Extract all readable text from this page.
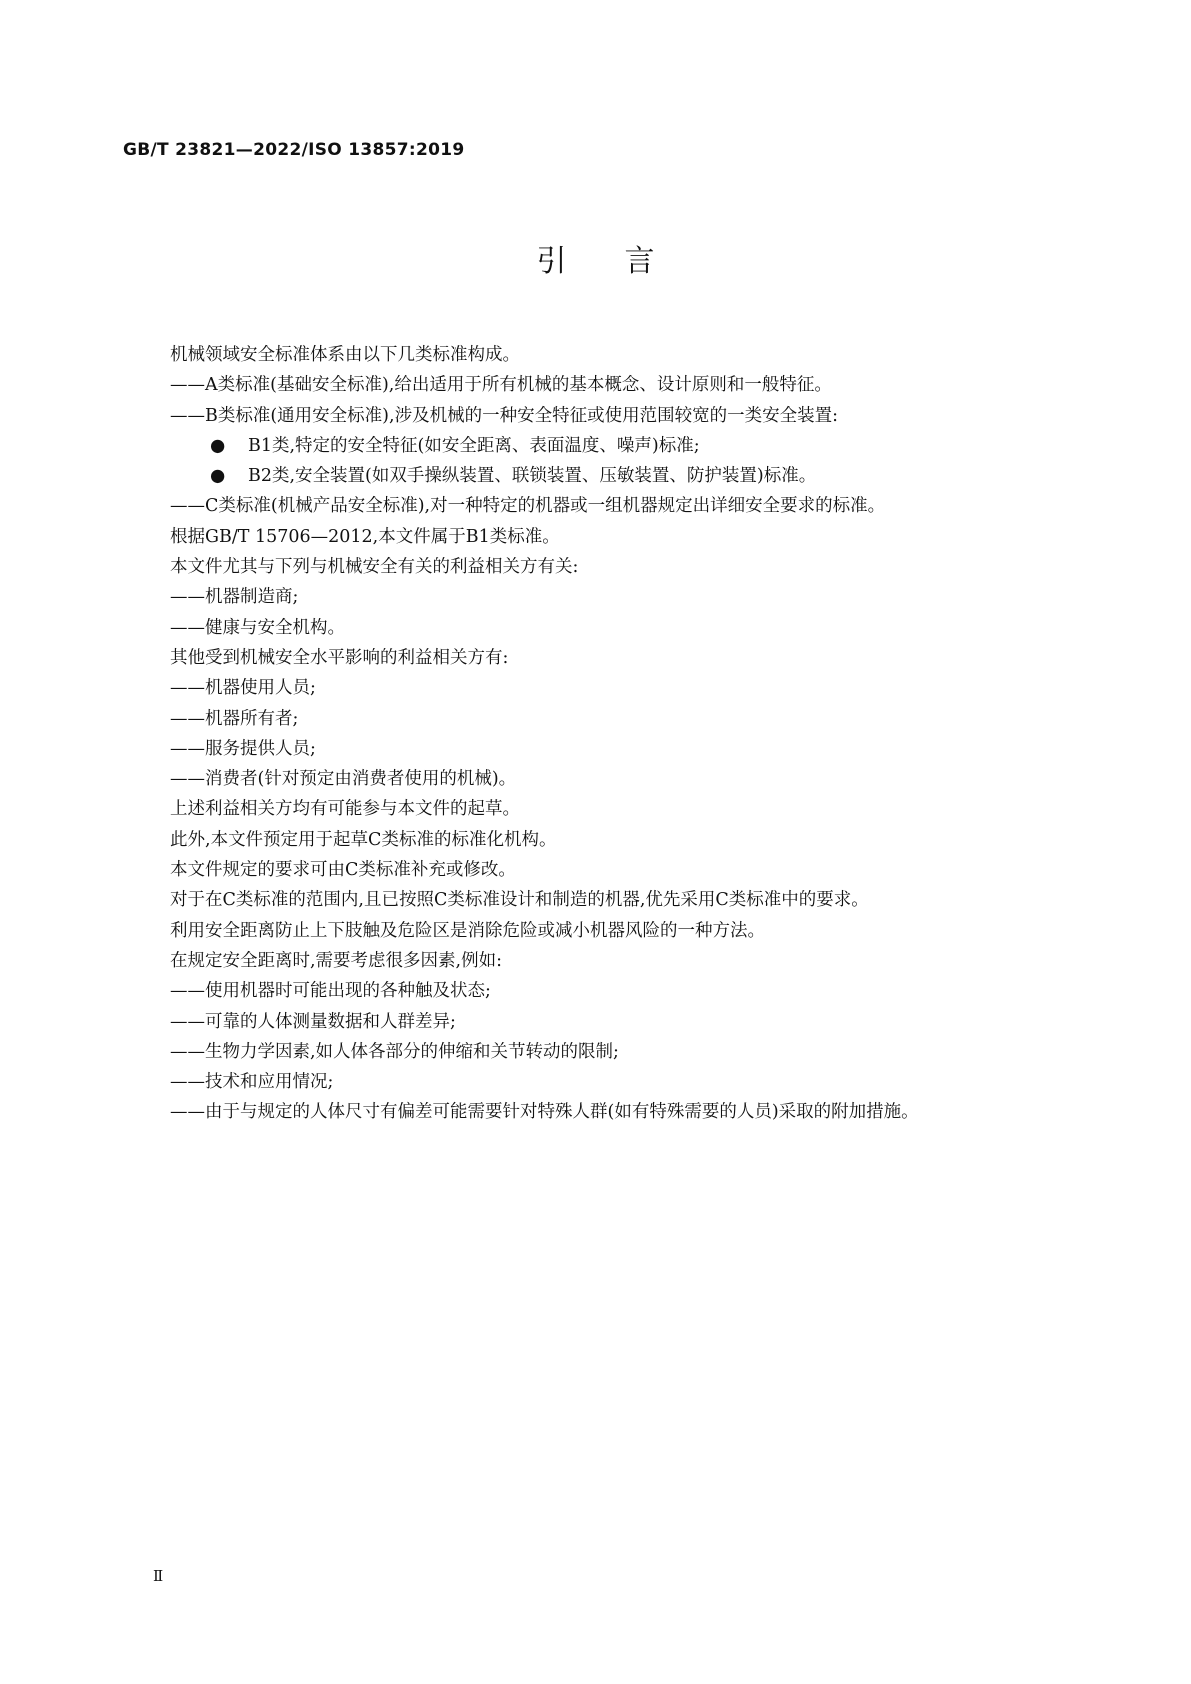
GB/T 23821—2022/ISO 13857:2019
引言
机械领域安全标准体系由以下几类标准构成。
——A类标准(基础安全标准),给出适用于所有机械的基本概念、设计原则和一般特征。
——B类标准(通用安全标准),涉及机械的一种安全特征或使用范围较宽的一类安全装置:
● B1类,特定的安全特征(如安全距离、表面温度、噪声)标准;
● B2类,安全装置(如双手操纵装置、联锁装置、压敏装置、防护装置)标准。
——C类标准(机械产品安全标准),对一种特定的机器或一组机器规定出详细安全要求的标准。
根据GB/T 15706—2012,本文件属于B1类标准。
本文件尤其与下列与机械安全有关的利益相关方有关:
——机器制造商;
——健康与安全机构。
其他受到机械安全水平影响的利益相关方有:
——机器使用人员;
——机器所有者;
——服务提供人员;
——消费者(针对预定由消费者使用的机械)。
上述利益相关方均有可能参与本文件的起草。
此外,本文件预定用于起草C类标准的标准化机构。
本文件规定的要求可由C类标准补充或修改。
对于在C类标准的范围内,且已按照C类标准设计和制造的机器,优先采用C类标准中的要求。
利用安全距离防止上下肢触及危险区是消除危险或减小机器风险的一种方法。
在规定安全距离时,需要考虑很多因素,例如:
——使用机器时可能出现的各种触及状态;
——可靠的人体测量数据和人群差异;
——生物力学因素,如人体各部分的伸缩和关节转动的限制;
——技术和应用情况;
——由于与规定的人体尺寸有偏差可能需要针对特殊人群(如有特殊需要的人员)采取的附加措施。
Ⅱ
